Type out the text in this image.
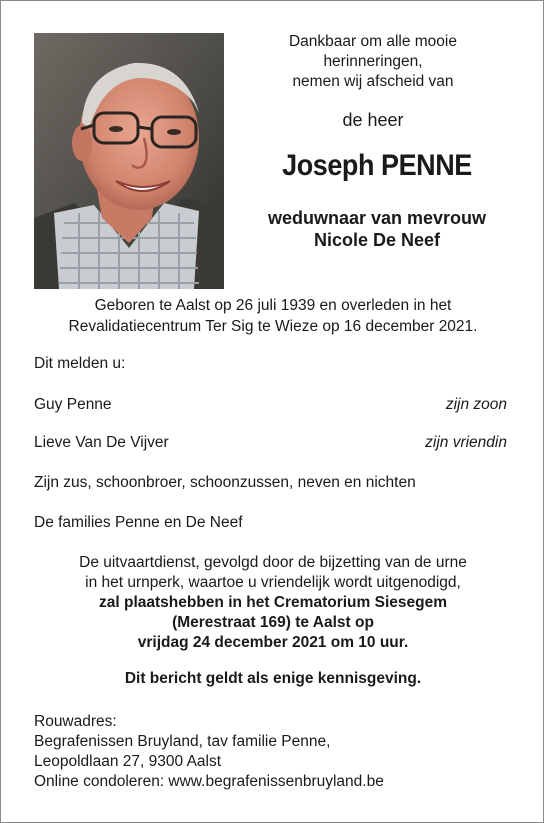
Dankbaar om alle mooie
herinneringen,
nemen wij afscheid van
de heer
Joseph PENNE
weduwnaar van mevrouw
Nicole De Neef
Geboren te Aalst op 26 juli 1939 en overleden in het
Revalidatiecentrum Ter Sig te Wieze op 16 december 2021.
Dit melden u:
Guy Penne	zijn zoon
Lieve Van De Vijver	zijn vriendin
Zijn zus, schoonbroer, schoonzussen, neven en nichten
De families Penne en De Neef
De uitvaartdienst, gevolgd door de bijzetting van de urne
in het urnperk, waartoe u vriendelijk wordt uitgenodigd,
zal plaatshebben in het Crematorium Siesegem
(Merestraat 169) te Aalst op
vrijdag 24 december 2021 om 10 uur.
Dit bericht geldt als enige kennisgeving.
Rouwadres:
Begrafenissen Bruyland, tav familie Penne,
Leopoldlaan 27, 9300 Aalst
Online condoleren: www.begrafenissenbruyland.be
